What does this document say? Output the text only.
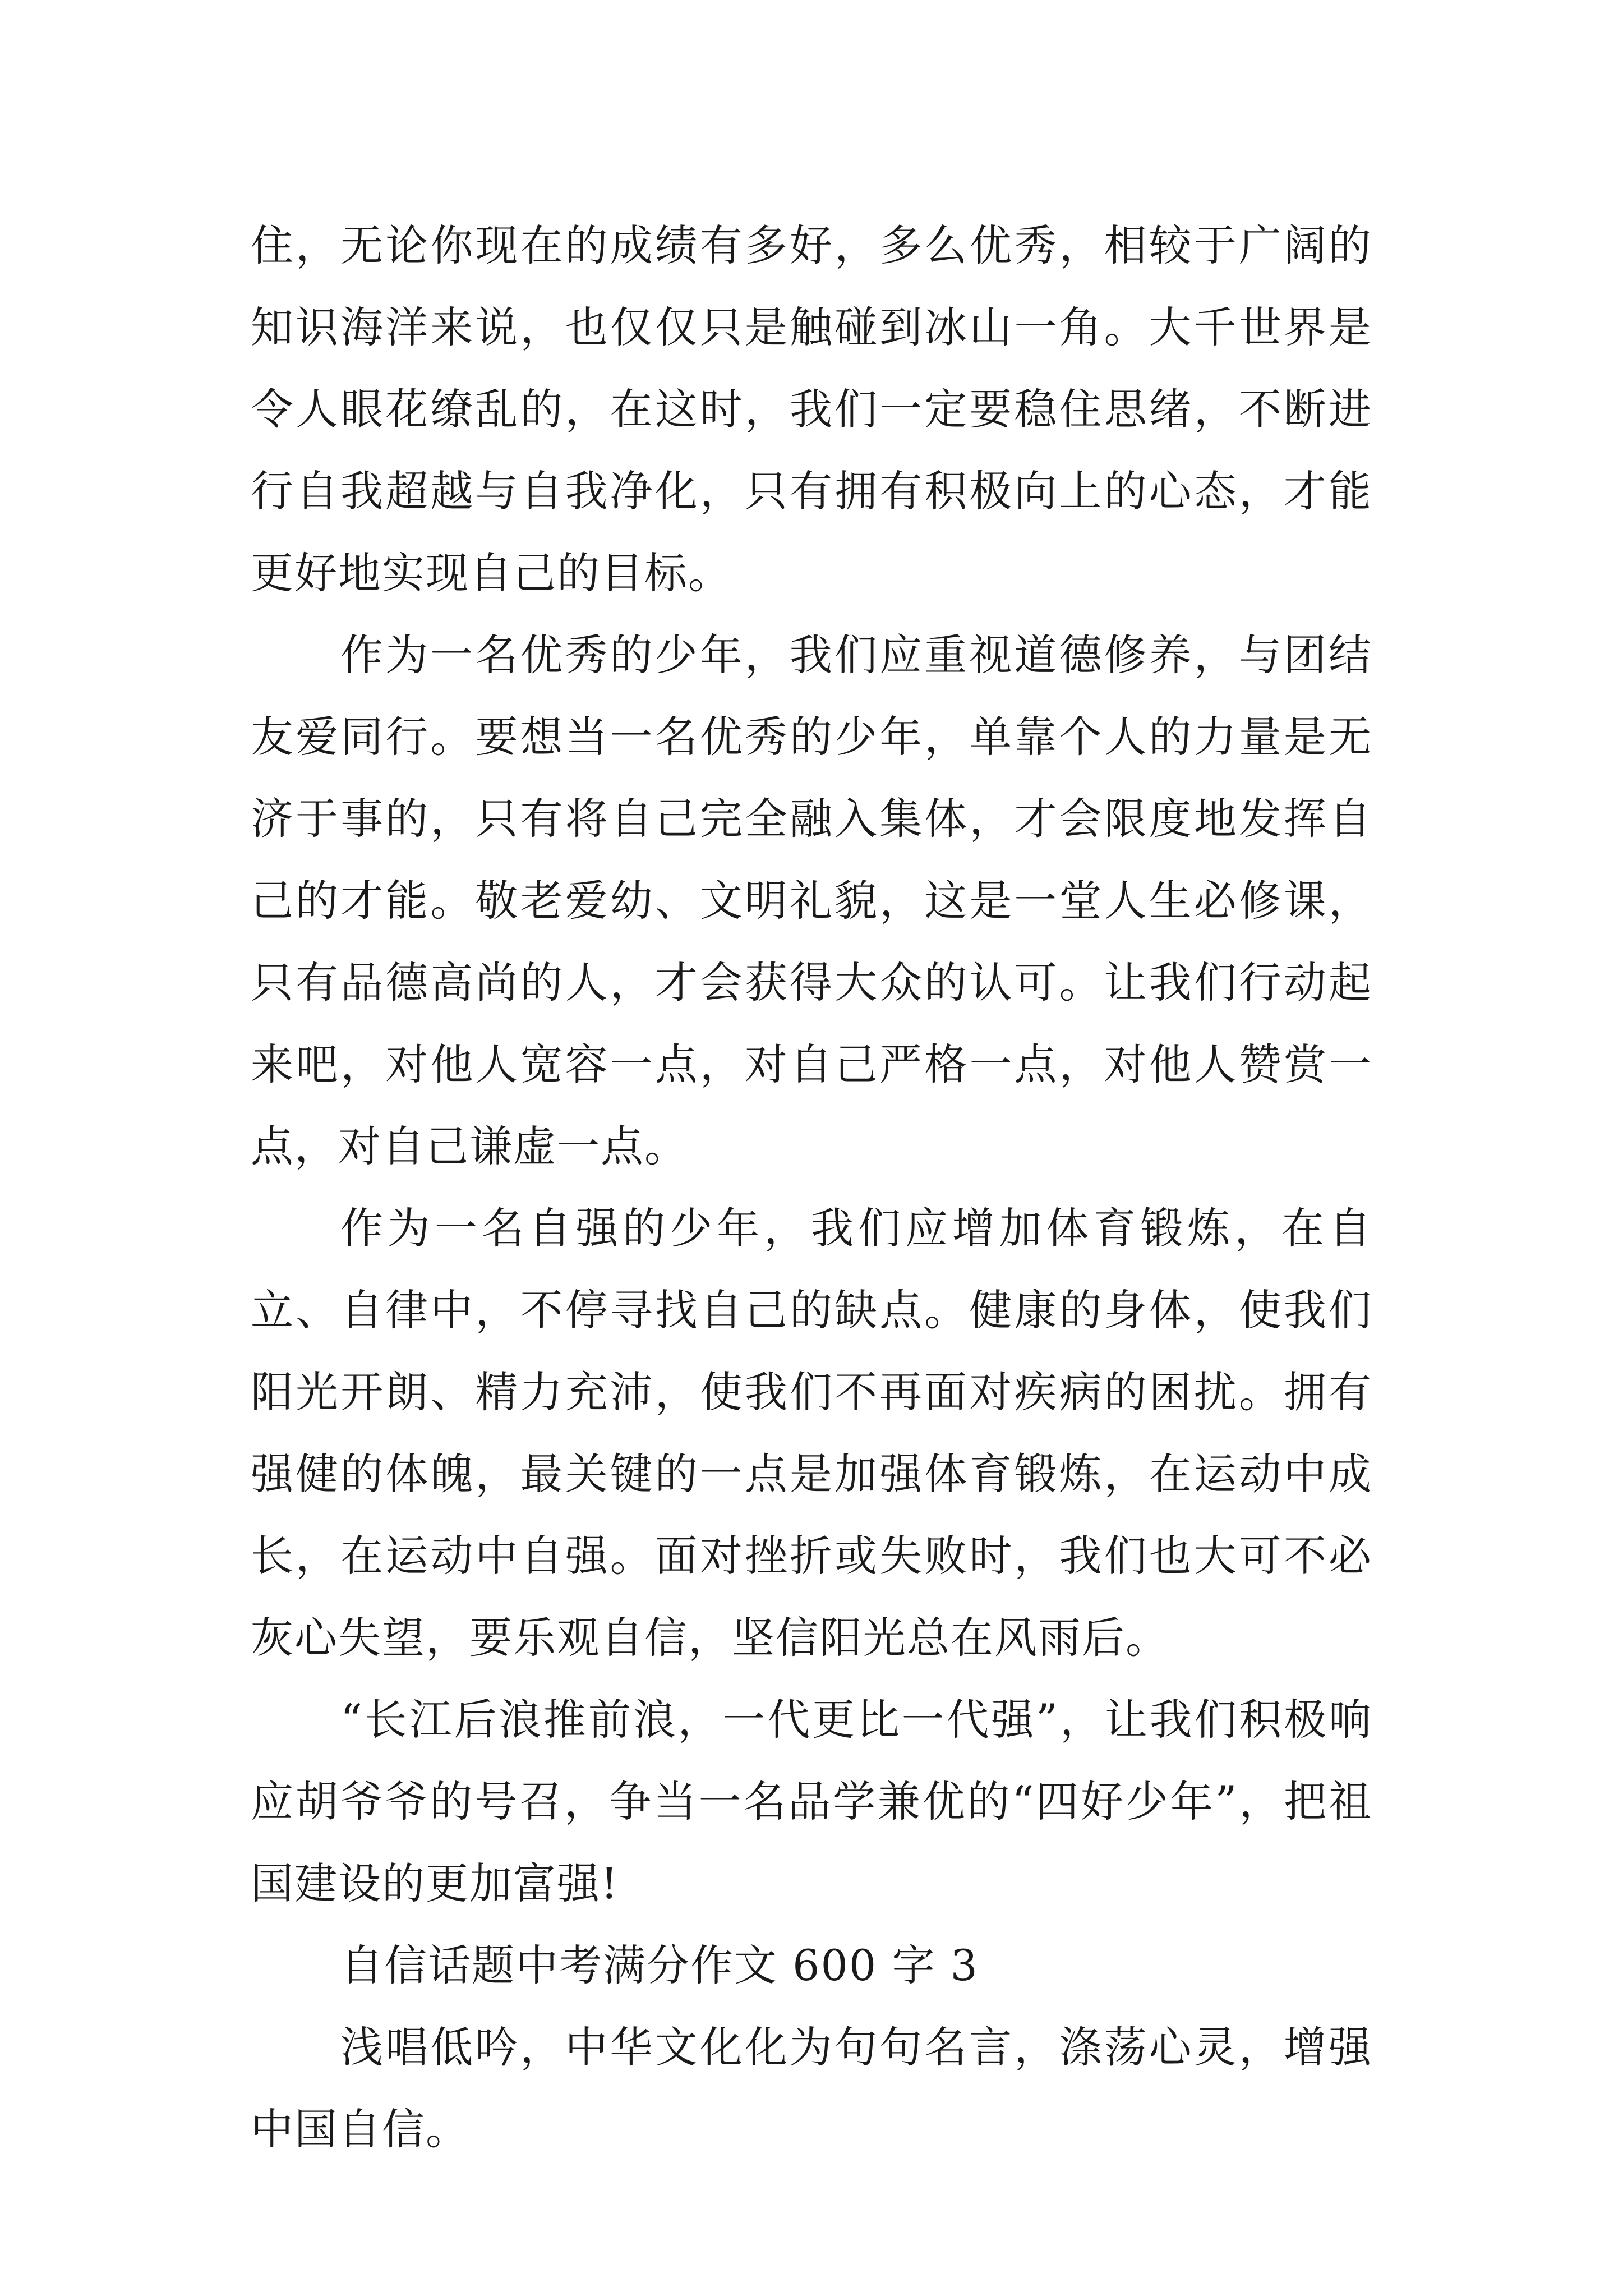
住，无论你现在的成绩有多好，多么优秀，相较于广阔的知识海洋来说，也仅仅只是触碰到冰山一角。大千世界是令人眼花缭乱的，在这时，我们一定要稳住思绪，不断进行自我超越与自我净化，只有拥有积极向上的心态，才能更好地实现自己的目标。

作为一名优秀的少年，我们应重视道德修养，与团结友爱同行。要想当一名优秀的少年，单靠个人的力量是无济于事的，只有将自己完全融入集体，才会限度地发挥自己的才能。敬老爱幼、文明礼貌，这是一堂人生必修课，只有品德高尚的人，才会获得大众的认可。让我们行动起来吧，对他人宽容一点，对自己严格一点，对他人赞赏一点，对自己谦虚一点。

作为一名自强的少年，我们应增加体育锻炼，在自立、自律中，不停寻找自己的缺点。健康的身体，使我们阳光开朗、精力充沛，使我们不再面对疾病的困扰。拥有强健的体魄，最关键的一点是加强体育锻炼，在运动中成长，在运动中自强。面对挫折或失败时，我们也大可不必灰心失望，要乐观自信，坚信阳光总在风雨后。

“长江后浪推前浪，一代更比一代强”，让我们积极响应胡爷爷的号召，争当一名品学兼优的“四好少年”，把祖国建设的更加富强!

自信话题中考满分作文 600 字 3

浅唱低吟，中华文化化为句句名言，涤荡心灵，增强中国自信。
